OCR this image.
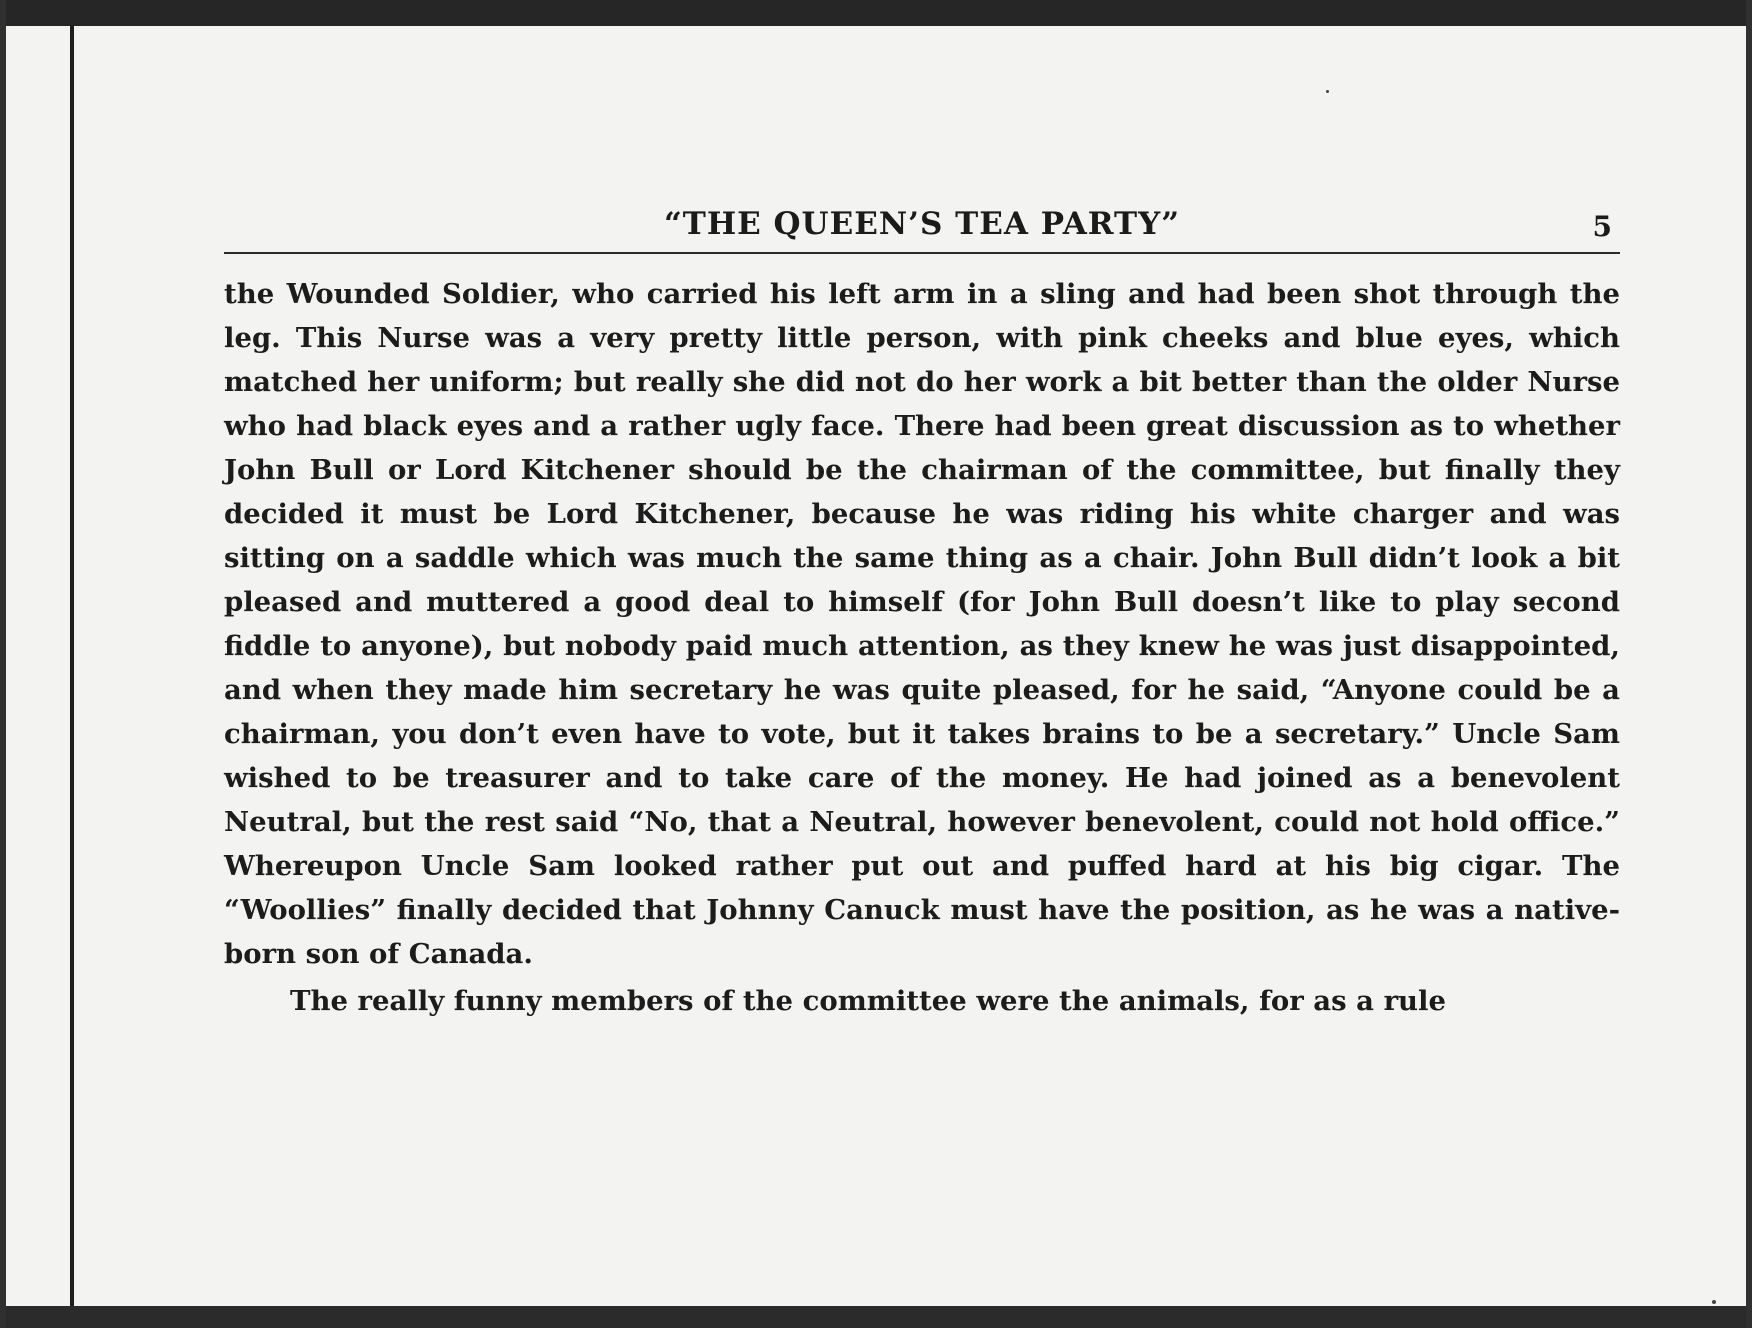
“THE QUEEN’S TEA PARTY”	5

the Wounded Soldier, who carried his left arm in a sling and had been shot through the leg. This Nurse was a very pretty little person, with pink cheeks and blue eyes, which matched her uniform; but really she did not do her work a bit better than the older Nurse who had black eyes and a rather ugly face. There had been great discussion as to whether John Bull or Lord Kitchener should be the chairman of the committee, but finally they decided it must be Lord Kitchener, because he was riding his white charger and was sitting on a saddle which was much the same thing as a chair. John Bull didn’t look a bit pleased and muttered a good deal to himself (for John Bull doesn’t like to play second fiddle to anyone), but nobody paid much attention, as they knew he was just disappointed, and when they made him secretary he was quite pleased, for he said, “Anyone could be a chairman, you don’t even have to vote, but it takes brains to be a secretary.” Uncle Sam wished to be treasurer and to take care of the money. He had joined as a benevolent Neutral, but the rest said “No, that a Neutral, however benevolent, could not hold office.” Whereupon Uncle Sam looked rather put out and puffed hard at his big cigar. The “Woollies” finally decided that Johnny Canuck must have the position, as he was a native-born son of Canada.

The really funny members of the committee were the animals, for as a rule
